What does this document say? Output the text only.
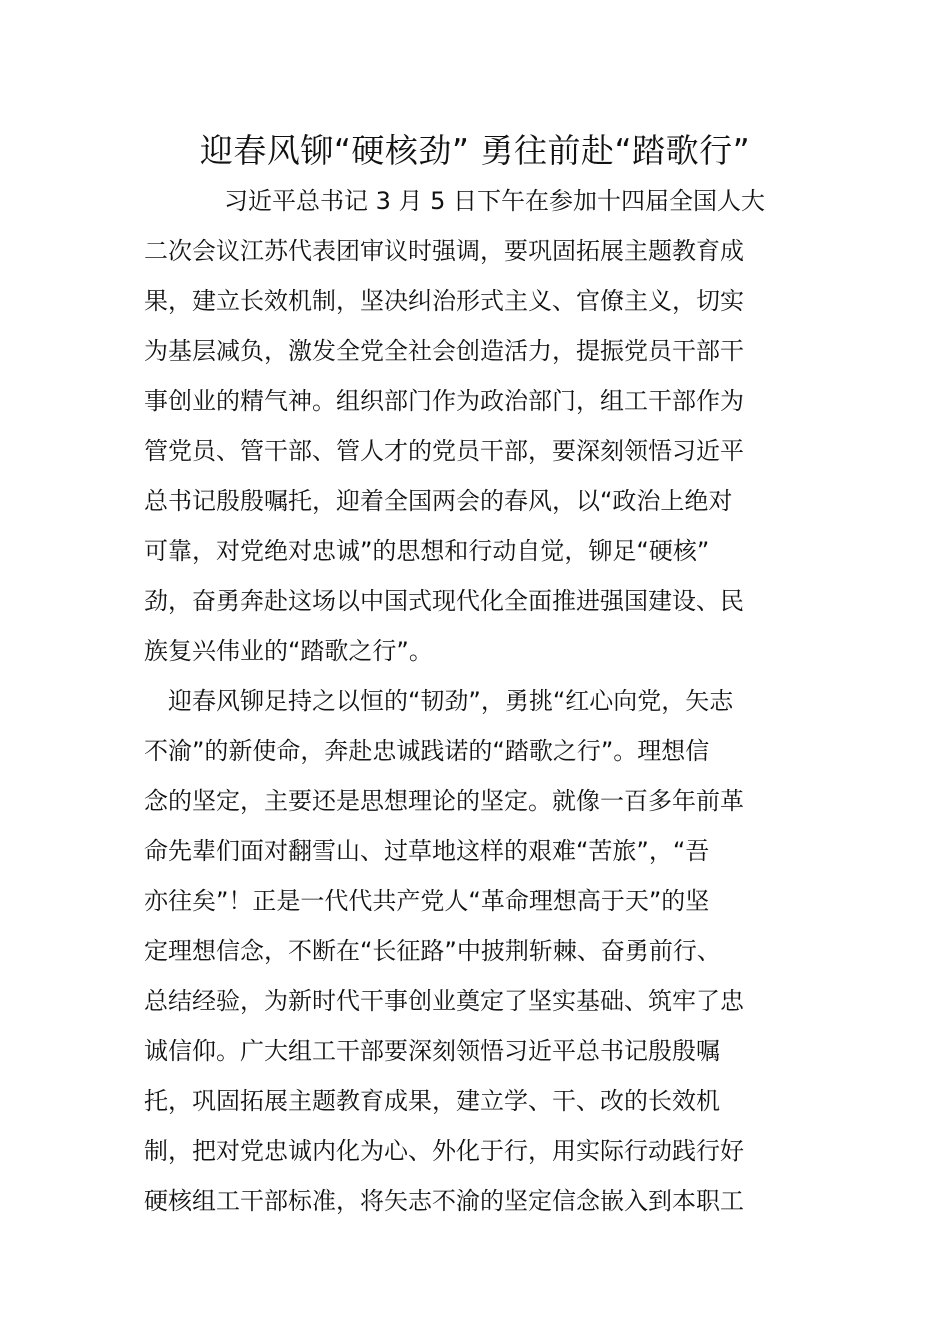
迎春风铆“硬核劲” 勇往前赴“踏歌行”
习近平总书记 3 月 5 日下午在参加十四届全国人大
二次会议江苏代表团审议时强调，要巩固拓展主题教育成
果，建立长效机制，坚决纠治形式主义、官僚主义，切实
为基层减负，激发全党全社会创造活力，提振党员干部干
事创业的精气神。组织部门作为政治部门，组工干部作为
管党员、管干部、管人才的党员干部，要深刻领悟习近平
总书记殷殷嘱托，迎着全国两会的春风，以“政治上绝对
可靠，对党绝对忠诚”的思想和行动自觉，铆足“硬核”
劲，奋勇奔赴这场以中国式现代化全面推进强国建设、民
族复兴伟业的“踏歌之行”。
迎春风铆足持之以恒的“韧劲”，勇挑“红心向党，矢志
不渝”的新使命，奔赴忠诚践诺的“踏歌之行”。理想信
念的坚定，主要还是思想理论的坚定。就像一百多年前革
命先辈们面对翻雪山、过草地这样的艰难“苦旅”，“吾
亦往矣”！正是一代代共产党人“革命理想高于天”的坚
定理想信念，不断在“长征路”中披荆斩棘、奋勇前行、
总结经验，为新时代干事创业奠定了坚实基础、筑牢了忠
诚信仰。广大组工干部要深刻领悟习近平总书记殷殷嘱
托，巩固拓展主题教育成果，建立学、干、改的长效机
制，把对党忠诚内化为心、外化于行，用实际行动践行好
硬核组工干部标准，将矢志不渝的坚定信念嵌入到本职工
